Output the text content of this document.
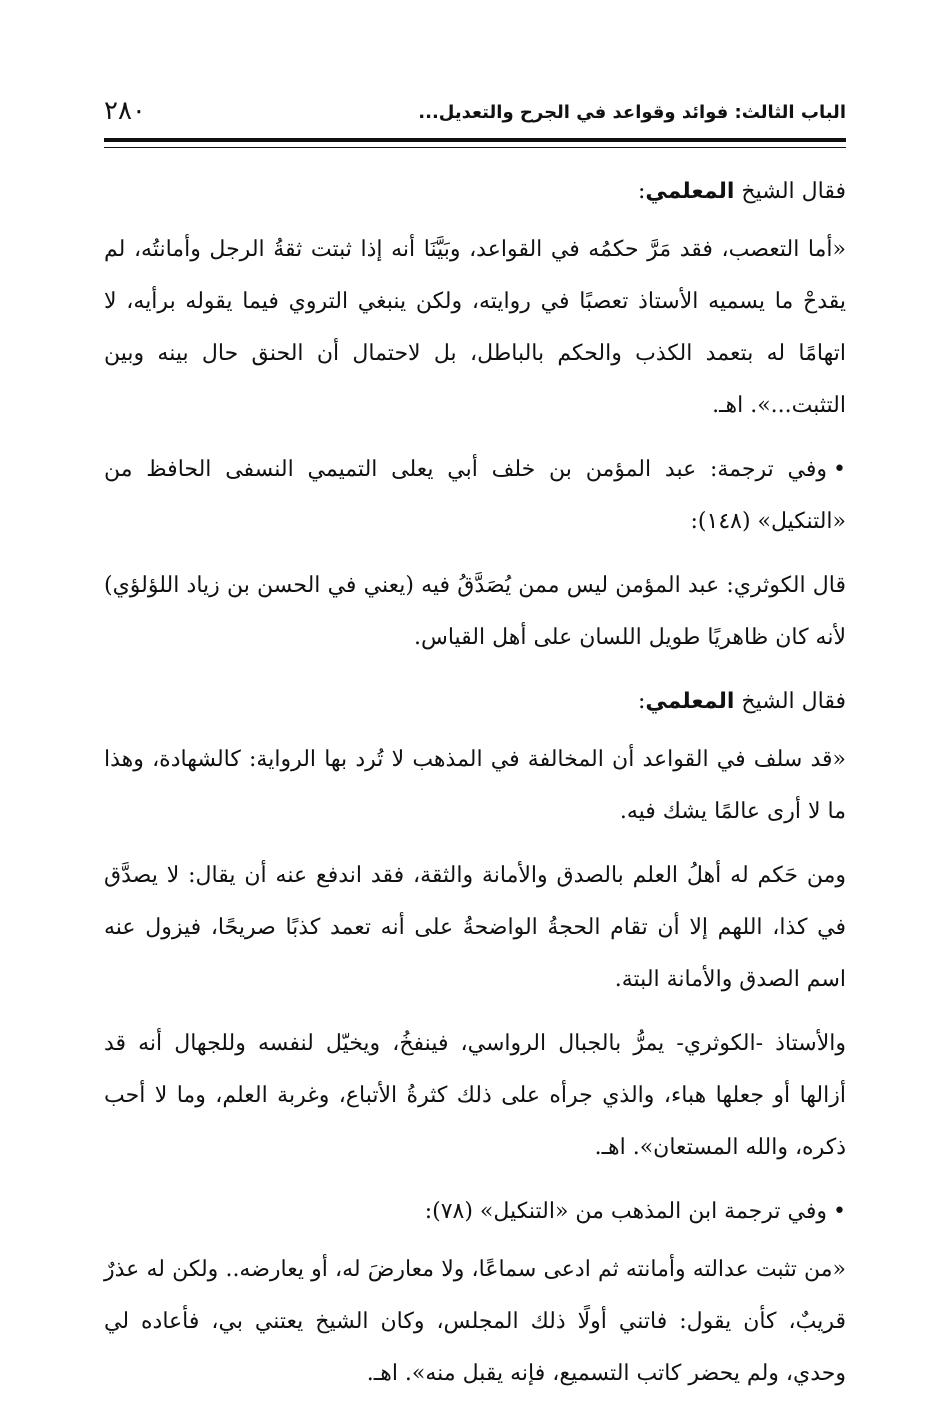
الباب الثالث: فوائد وقواعد في الجرح والتعديل...
٢٨٠

فقال الشيخ المعلمي:

«أما التعصب، فقد مَرَّ حكمُه في القواعد، وبَيَّنَا أنه إذا ثبتت ثقةُ الرجل وأمانتُه، لم يقدحْ ما يسميه الأستاذ تعصبًا في روايته، ولكن ينبغي التروي فيما يقوله برأيه، لا اتهامًا له بتعمد الكذب والحكم بالباطل، بل لاحتمال أن الحنق حال بينه وبين التثبت...». اهـ.

•وفي ترجمة: عبد المؤمن بن خلف أبي يعلى التميمي النسفى الحافظ من «التنكيل» (١٤٨):

قال الكوثري: عبد المؤمن ليس ممن يُصَدَّقُ فيه (يعني في الحسن بن زياد اللؤلؤي) لأنه كان ظاهريًا طويل اللسان على أهل القياس.

فقال الشيخ المعلمي:

«قد سلف في القواعد أن المخالفة في المذهب لا تُرد بها الرواية: كالشهادة، وهذا ما لا أرى عالمًا يشك فيه.

ومن حَكم له أهلُ العلم بالصدق والأمانة والثقة، فقد اندفع عنه أن يقال: لا يصدَّق في كذا، اللهم إلا أن تقام الحجةُ الواضحةُ على أنه تعمد كذبًا صريحًا، فيزول عنه اسم الصدق والأمانة البتة.

والأستاذ -الكوثري- يمرُّ بالجبال الرواسي، فينفخُ، ويخيّل لنفسه وللجهال أنه قد أزالها أو جعلها هباء، والذي جرأه على ذلك كثرةُ الأتباع، وغربة العلم، وما لا أحب ذكره، والله المستعان». اهـ.

•وفي ترجمة ابن المذهب من «التنكيل» (٧٨):

«من تثبت عدالته وأمانته ثم ادعى سماعًا، ولا معارضَ له، أو يعارضه.. ولكن له عذرٌ قريبٌ، كأن يقول: فاتني أولًا ذلك المجلس، وكان الشيخ يعتني بي، فأعاده لي وحدي، ولم يحضر كاتب التسميع، فإنه يقبل منه». اهـ.
